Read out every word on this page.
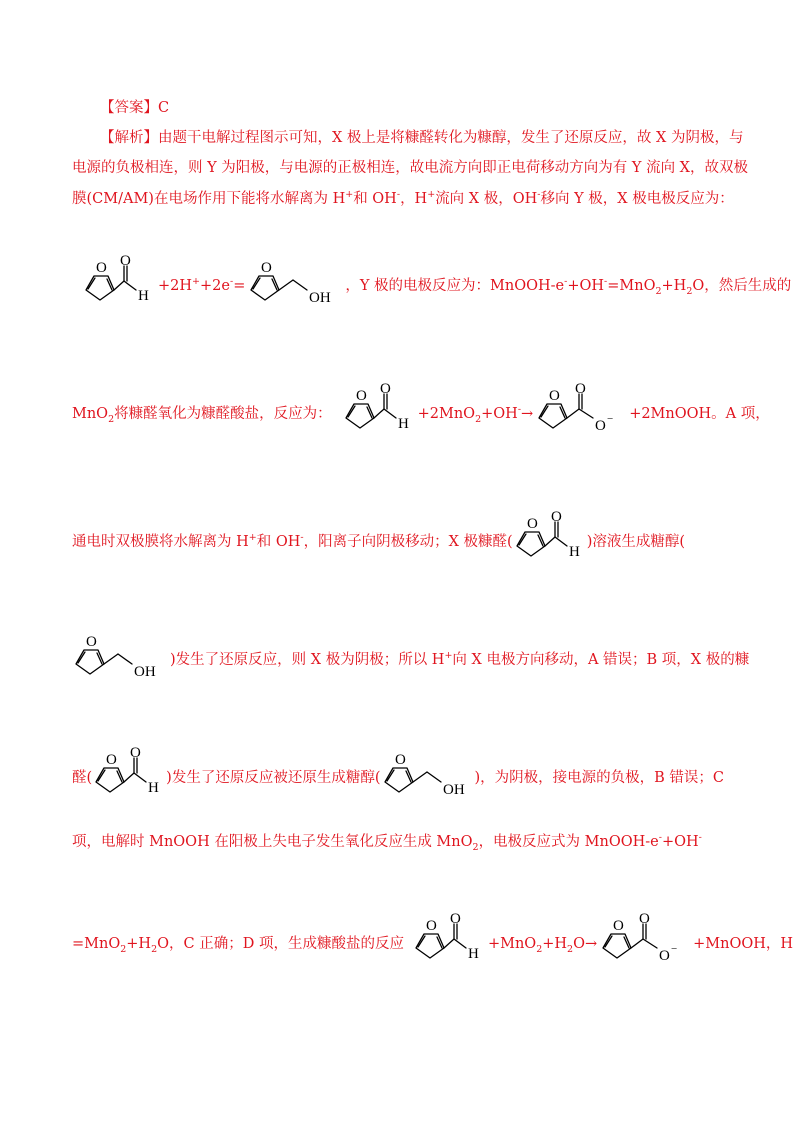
【答案】C
【解析】由题干电解过程图示可知，X 极上是将糠醛转化为糠醇，发生了还原反应，故 X 为阴极，与
电源的负极相连，则 Y 为阳极，与电源的正极相连，故电流方向即正电荷移动方向为有 Y 流向 X，故双极
膜(CM/AM)在电场作用下能将水解离为 H+和 OH-，H+流向 X 极，OH-移向 Y 极，X 极电极反应为：
O O
H
+2H++2e-=
O
OH
，Y 极的电极反应为：MnOOH-$e^-+OH^-=MnO_2+H_2O$，然后生成的
MnO$_2$将糠醛氧化为糠醛酸盐，反应为：
O O
H
+2MnO$_2$+OH-→
O O
O − +2MnOOH。A 项，
通电时双极膜将水解离为 H+和 OH-，阳离子向阴极移动；X 极糠醛(
O O
H
)溶液生成糖醇(
O
OH
)发生了还原反应，则 X 极为阴极；所以 H+向 X 电极方向移动，A 错误；B 项，X 极的糠
醛(
O O
H
)发生了还原反应被还原生成糖醇(
O
OH
)，为阴极，接电源的负极，B 错误；C
项，电解时 MnOOH 在阳极上失电子发生氧化反应生成 MnO$_2$，电极反应式为 MnOOH-e-+OH-
$=MnO_2+H_2O$，C 正确；D 项，生成糠酸盐的反应
O O
H
$+MnO_2+H_2O\to$
O O
O − +MnOOH，H
